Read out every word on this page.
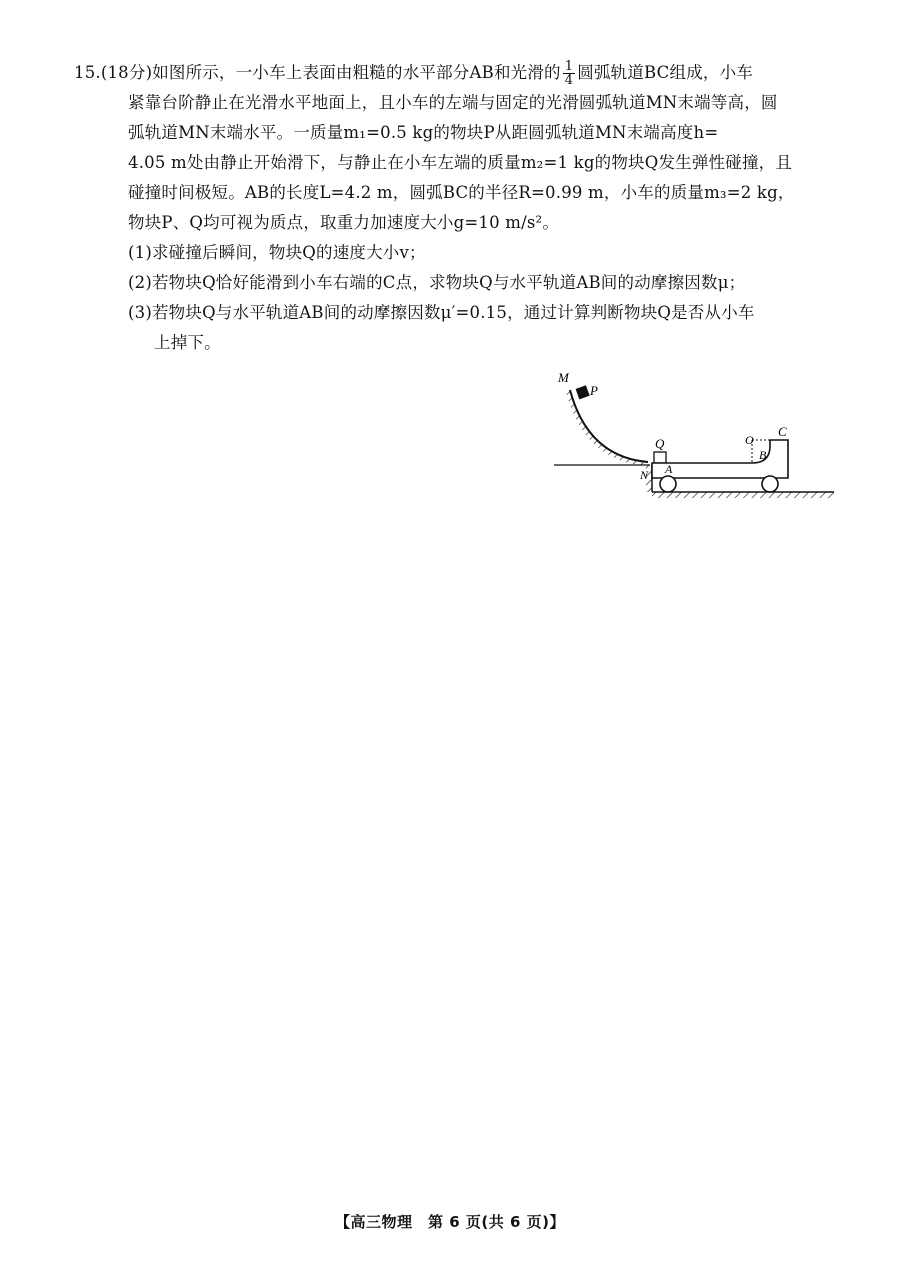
15.(18分)如图所示，一小车上表面由粗糙的水平部分AB和光滑的 $\frac{1}{4}$ 圆弧轨道BC组成，小车
紧靠台阶静止在光滑水平地面上，且小车的左端与固定的光滑圆弧轨道MN末端等高，圆
弧轨道MN末端水平。一质量m₁=0.5 kg的物块P从距圆弧轨道MN末端高度h=
4.05 m处由静止开始滑下，与静止在小车左端的质量m₂=1 kg的物块Q发生弹性碰撞，且
碰撞时间极短。AB的长度L=4.2 m，圆弧BC的半径R=0.99 m，小车的质量m₃=2 kg，
物块P、Q均可视为质点，取重力加速度大小g=10 m/s²。
(1)求碰撞后瞬间，物块Q的速度大小v；
(2)若物块Q恰好能滑到小车右端的C点，求物块Q与水平轨道AB间的动摩擦因数μ；
(3)若物块Q与水平轨道AB间的动摩擦因数μ′=0.15，通过计算判断物块Q是否从小车
上掉下。
M
P
Q
N A
O
B
C
【高三物理　第 6 页(共 6 页)】
